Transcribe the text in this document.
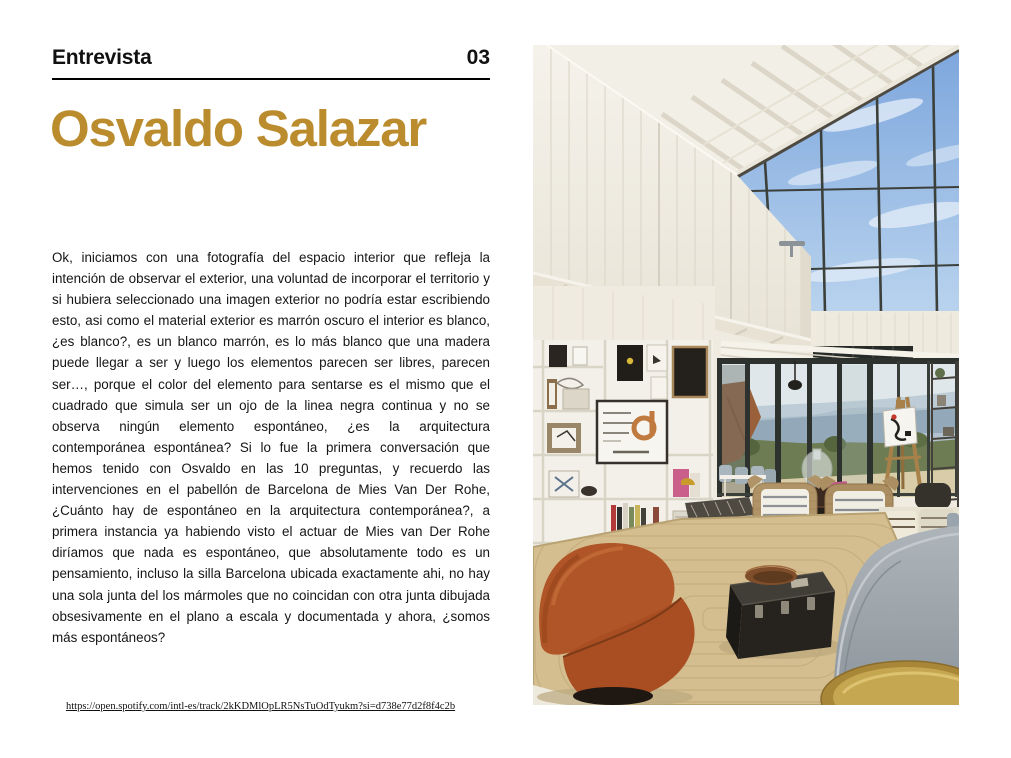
Entrevista	03
Osvaldo Salazar
Ok, iniciamos con una fotografía del espacio interior que refleja la intención de observar el exterior, una voluntad de incorporar el territorio y si hubiera seleccionado una imagen exterior no podría estar escribiendo esto, asi como el material exterior es marrón oscuro el interior es blanco, ¿es blanco?, es un blanco marrón, es lo más blanco que una madera puede llegar a ser y luego los elementos parecen ser libres, parecen ser…, porque el color del elemento para sentarse es el mismo que el cuadrado que simula ser un ojo de la linea negra continua y no se observa ningún elemento espontáneo, ¿es la arquitectura contemporánea espontánea? Si lo fue la primera conversación que hemos tenido con Osvaldo en las 10 preguntas, y recuerdo las intervenciones en el pabellón de Barcelona de Mies Van Der Rohe, ¿Cuánto hay de espontáneo en la arquitectura contemporánea?, a primera instancia ya habiendo visto el actuar de Mies van Der Rohe diríamos que nada es espontáneo, que absolutamente todo es un pensamiento, incluso la silla Barcelona ubicada exactamente ahi, no hay una sola junta del los mármoles que no coincidan con otra junta dibujada obsesivamente en el plano a escala y documentada y ahora, ¿somos más espontáneos?
https://open.spotify.com/intl-es/track/2kKDMlOpLR5NsTuOdTyukm?si=d738e77d2f8f4c2b
